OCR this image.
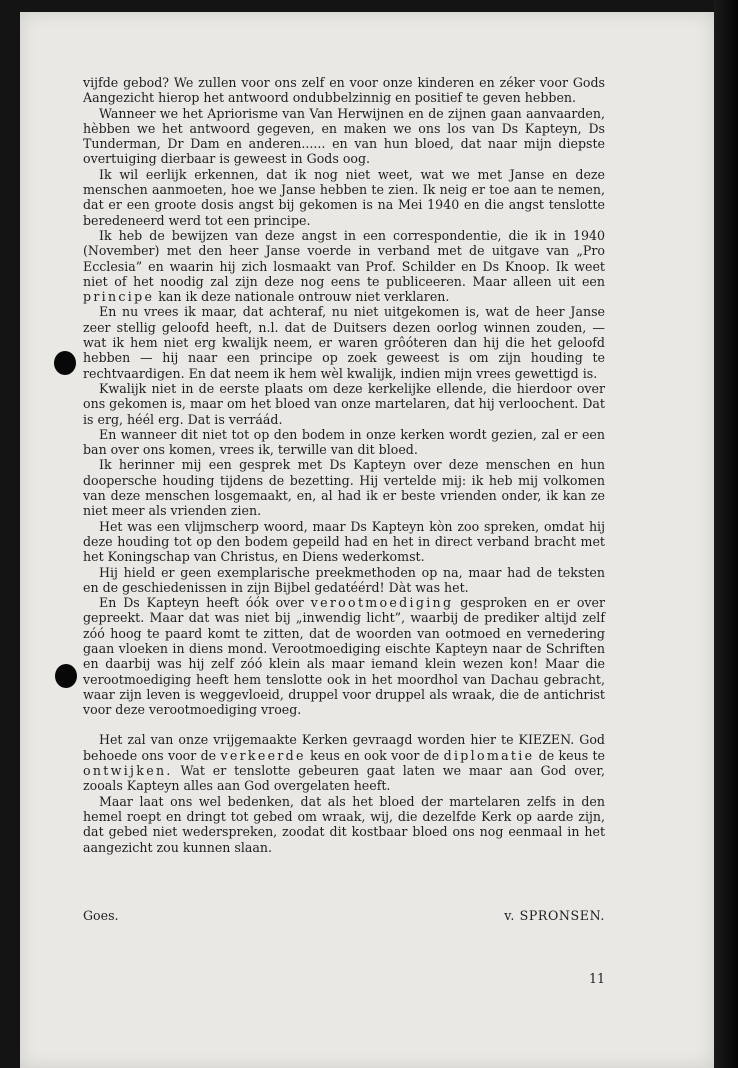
vijfde gebod? We zullen voor ons zelf en voor onze kinderen en zéker voor Gods Aangezicht hierop het antwoord ondubbelzinnig en positief te geven hebben.

Wanneer we het Apriorisme van Van Herwijnen en de zijnen gaan aanvaarden, hèbben we het antwoord gegeven, en maken we ons los van Ds Kapteyn, Ds Tunderman, Dr Dam en anderen...... en van hun bloed, dat naar mijn diepste overtuiging dierbaar is geweest in Gods oog.

Ik wil eerlijk erkennen, dat ik nog niet weet, wat we met Janse en deze menschen aanmoeten, hoe we Janse hebben te zien. Ik neig er toe aan te nemen, dat er een groote dosis angst bij gekomen is na Mei 1940 en die angst tenslotte beredeneerd werd tot een principe.

Ik heb de bewijzen van deze angst in een correspondentie, die ik in 1940 (November) met den heer Janse voerde in verband met de uitgave van „Pro Ecclesia” en waarin hij zich losmaakt van Prof. Schilder en Ds Knoop. Ik weet niet of het noodig zal zijn deze nog eens te publiceeren. Maar alleen uit een principe kan ik deze nationale ontrouw niet verklaren.

En nu vrees ik maar, dat achteraf, nu niet uitgekomen is, wat de heer Janse zeer stellig geloofd heeft, n.l. dat de Duitsers dezen oorlog winnen zouden, — wat ik hem niet erg kwalijk neem, er waren grôóteren dan hij die het geloofd hebben — hij naar een principe op zoek geweest is om zijn houding te rechtvaardigen. En dat neem ik hem wèl kwalijk, indien mijn vrees gewettigd is.

Kwalijk niet in de eerste plaats om deze kerkelijke ellende, die hierdoor over ons gekomen is, maar om het bloed van onze martelaren, dat hij verloochent. Dat is erg, héél erg. Dat is verráád.

En wanneer dit niet tot op den bodem in onze kerken wordt gezien, zal er een ban over ons komen, vrees ik, terwille van dit bloed.

Ik herinner mij een gesprek met Ds Kapteyn over deze menschen en hun doopersche houding tijdens de bezetting. Hij vertelde mij: ik heb mij volkomen van deze menschen losgemaakt, en, al had ik er beste vrienden onder, ik kan ze niet meer als vrienden zien.

Het was een vlijmscherp woord, maar Ds Kapteyn kòn zoo spreken, omdat hij deze houding tot op den bodem gepeild had en het in direct verband bracht met het Koningschap van Christus, en Diens wederkomst.

Hij hield er geen exemplarische preekmethoden op na, maar had de teksten en de geschiedenissen in zijn Bijbel gedatéérd! Dàt was het.

En Ds Kapteyn heeft óók over verootmoediging gesproken en er over gepreekt. Maar dat was niet bij „inwendig licht”, waarbij de prediker altijd zelf zóó hoog te paard komt te zitten, dat de woorden van ootmoed en vernedering gaan vloeken in diens mond. Verootmoediging eischte Kapteyn naar de Schriften en daarbij was hij zelf zóó klein als maar iemand klein wezen kon! Maar die verootmoediging heeft hem tenslotte ook in het moordhol van Dachau gebracht, waar zijn leven is weggevloeid, druppel voor druppel als wraak, die de antichrist voor deze verootmoediging vroeg.

Het zal van onze vrijgemaakte Kerken gevraagd worden hier te KIEZEN. God behoede ons voor de verkeerde keus en ook voor de diplomatie de keus te ontwijken. Wat er tenslotte gebeuren gaat laten we maar aan God over, zooals Kapteyn alles aan God overgelaten heeft.

Maar laat ons wel bedenken, dat als het bloed der martelaren zelfs in den hemel roept en dringt tot gebed om wraak, wij, die dezelfde Kerk op aarde zijn, dat gebed niet wederspreken, zoodat dit kostbaar bloed ons nog eenmaal in het aangezicht zou kunnen slaan.

Goes.	v. SPRONSEN.
11
